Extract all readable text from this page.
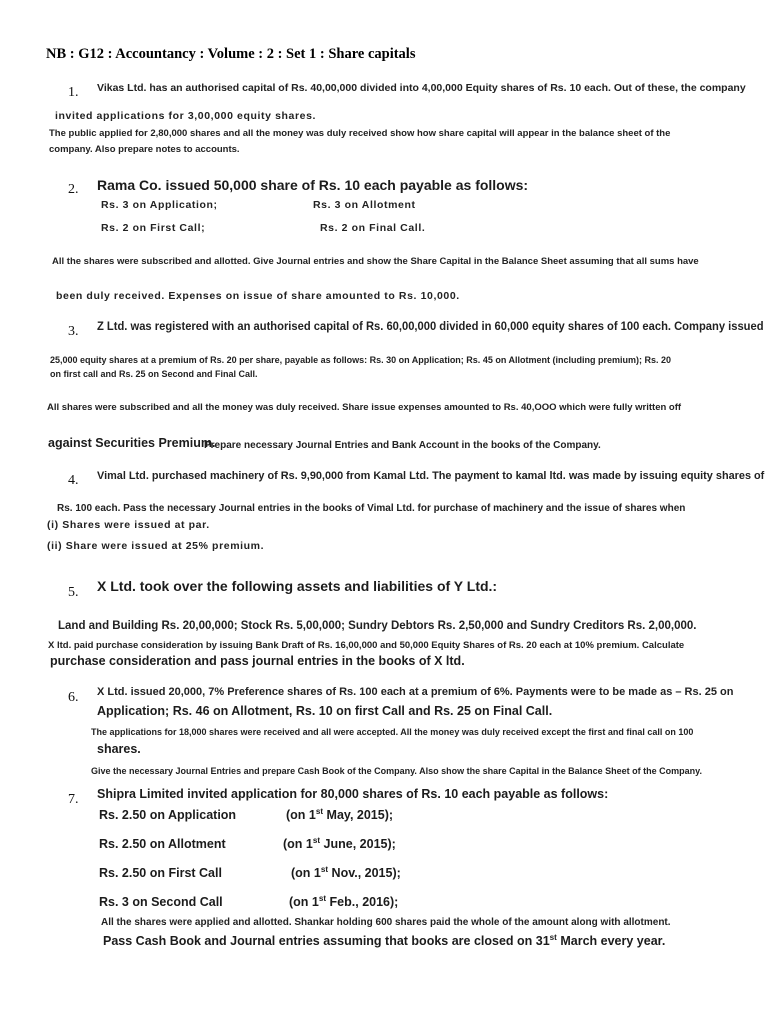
NB : G12 : Accountancy : Volume : 2 : Set 1 : Share capitals
1. Vikas Ltd. has an authorised capital of Rs. 40,00,000 divided into 4,00,000 Equity shares of Rs. 10 each. Out of these, the company
invited applications for 3,00,000 equity shares.
The public applied for 2,80,000 shares and all the money was duly received show how share capital will appear in the balance sheet of the
company. Also prepare notes to accounts.
2. Rama Co. issued 50,000 share of Rs. 10 each payable as follows:
Rs. 3 on Application;	Rs. 3 on Allotment
Rs. 2 on First Call;	Rs. 2 on Final Call.
All the shares were subscribed and allotted. Give Journal entries and show the Share Capital in the Balance Sheet assuming that all sums have
been duly received. Expenses on issue of share amounted to Rs. 10,000.
3. Z Ltd. was registered with an authorised capital of Rs. 60,00,000 divided in 60,000 equity shares of 100 each. Company issued
25,000 equity shares at a premium of Rs. 20 per share, payable as follows: Rs. 30 on Application; Rs. 45 on Allotment (including premium); Rs. 20
on first call and Rs. 25 on Second and Final Call.
All shares were subscribed and all the money was duly received. Share issue expenses amounted to Rs. 40,OOO which were fully written off
against Securities Premium.
Prepare necessary Journal Entries and Bank Account in the books of the Company.
4. Vimal Ltd. purchased machinery of Rs. 9,90,000 from Kamal Ltd. The payment to kamal ltd. was made by issuing equity shares of
Rs. 100 each. Pass the necessary Journal entries in the books of Vimal Ltd. for purchase of machinery and the issue of shares when
(i) Shares were issued at par.
(ii) Share were issued at 25% premium.
5. X Ltd. took over the following assets and liabilities of Y Ltd.:
Land and Building Rs. 20,00,000; Stock Rs. 5,00,000; Sundry Debtors Rs. 2,50,000 and Sundry Creditors Rs. 2,00,000.
X ltd. paid purchase consideration by issuing Bank Draft of Rs. 16,00,000 and 50,000 Equity Shares of Rs. 20 each at 10% premium. Calculate
purchase consideration and pass journal entries in the books of X ltd.
6. X Ltd. issued 20,000, 7% Preference shares of Rs. 100 each at a premium of 6%. Payments were to be made as – Rs. 25 on
Application; Rs. 46 on Allotment, Rs. 10 on first Call and Rs. 25 on Final Call.
The applications for 18,000 shares were received and all were accepted. All the money was duly received except the first and final call on 100
shares.
Give the necessary Journal Entries and prepare Cash Book of the Company. Also show the share Capital in the Balance Sheet of the Company.
7. Shipra Limited invited application for 80,000 shares of Rs. 10 each payable as follows:
Rs. 2.50 on Application	(on 1st May, 2015);
Rs. 2.50 on Allotment	(on 1st June, 2015);
Rs. 2.50 on First Call	(on 1st Nov., 2015);
Rs. 3 on Second Call	(on 1st Feb., 2016);
All the shares were applied and allotted. Shankar holding 600 shares paid the whole of the amount along with allotment.
Pass Cash Book and Journal entries assuming that books are closed on 31st March every year.
